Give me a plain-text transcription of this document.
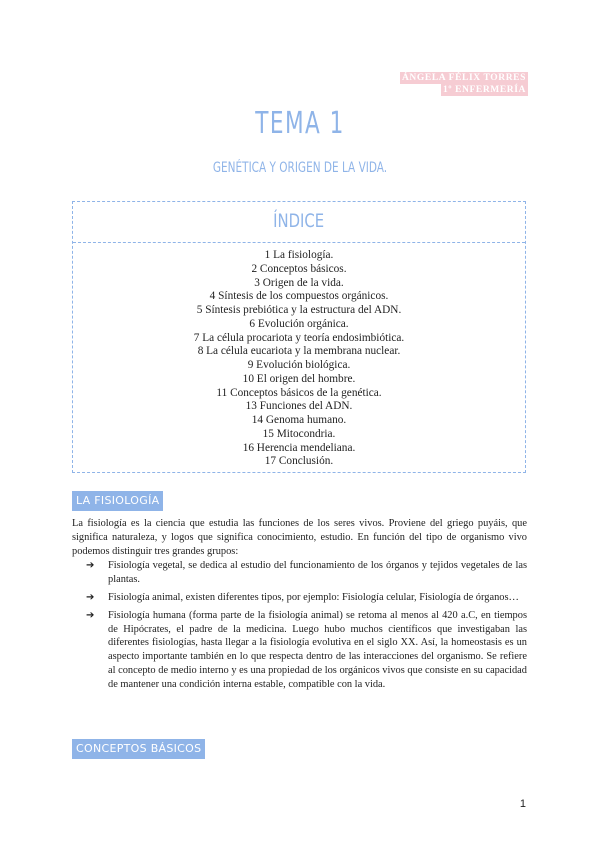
ÁNGELA FÉLIX TORRES
1º ENFERMERÍA
TEMA 1
GENÉTICA Y ORIGEN DE LA VIDA.
ÍNDICE
1 La fisiología.
2 Conceptos básicos.
3 Origen de la vida.
4 Síntesis de los compuestos orgánicos.
5 Síntesis prebiótica y la estructura del ADN.
6 Evolución orgánica.
7 La célula procariota y teoría endosimbiótica.
8 La célula eucariota y la membrana nuclear.
9 Evolución biológica.
10 El origen del hombre.
11 Conceptos básicos de la genética.
13 Funciones del ADN.
14 Genoma humano.
15 Mitocondria.
16 Herencia mendeliana.
17 Conclusión.
LA FISIOLOGÍA

La fisiología es la ciencia que estudia las funciones de los seres vivos. Proviene del griego puyáis, que significa naturaleza, y logos que significa conocimiento, estudio. En función del tipo de organismo vivo podemos distinguir tres grandes grupos:

➔ Fisiología vegetal, se dedica al estudio del funcionamiento de los órganos y tejidos vegetales de las plantas.
➔ Fisiología animal, existen diferentes tipos, por ejemplo: Fisiología celular, Fisiología de órganos…
➔ Fisiología humana (forma parte de la fisiología animal) se retoma al menos al 420 a.C, en tiempos de Hipócrates, el padre de la medicina. Luego hubo muchos científicos que investigaban las diferentes fisiologías, hasta llegar a la fisiología evolutiva en el siglo XX. Así, la homeostasis es un aspecto importante también en lo que respecta dentro de las interacciones del organismo. Se refiere al concepto de medio interno y es una propiedad de los orgánicos vivos que consiste en su capacidad de mantener una condición interna estable, compatible con la vida.
CONCEPTOS BÁSICOS
1
